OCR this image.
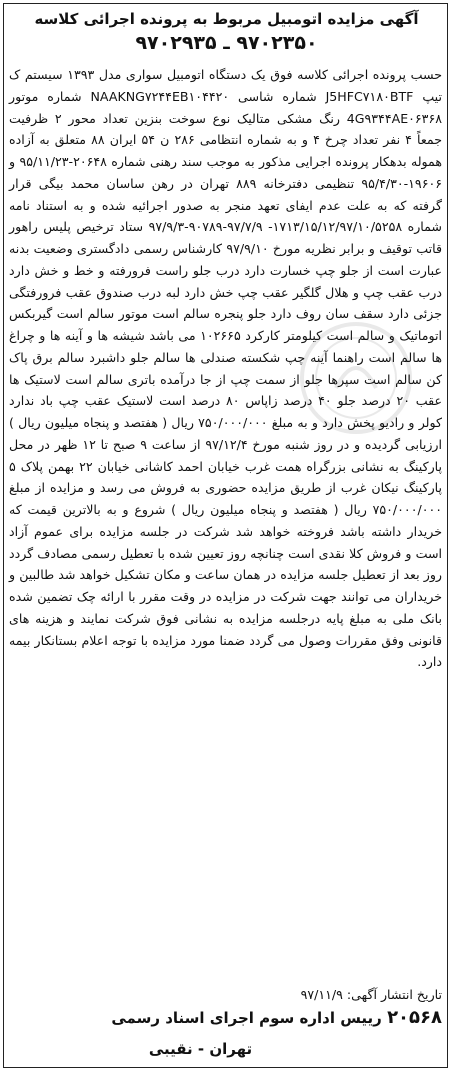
آگهی مزایده اتومبیل مربوط به پرونده اجرائی کلاسه
۹۷۰۲۳۵۰ ـ ۹۷۰۲۹۳۵

حسب پرونده اجرائی کلاسه فوق یک دستگاه اتومبیل سواری مدل ۱۳۹۳ سیستم ک تیپ J5HFC۷۱۸۰BTF شماره شاسی NAAKNG۷۲۴۴EB۱۰۴۴۲۰ شماره موتور 4G۹۳۴۴AE۰۶۳۶۸ رنگ مشکی متالیک نوع سوخت بنزین تعداد محور ۲ ظرفیت جمعاً ۴ نفر تعداد چرخ ۴ و به شماره انتظامی ۲۸۶ ن ۵۴ ایران ۸۸ متعلق به آزاده هموله بدهکار پرونده اجرایی مذکور به موجب سند رهنی شماره ۲۰۶۴۸-۹۵/۱۱/۲۳ و ۱۹۶۰۶-۹۵/۴/۳۰ تنظیمی دفترخانه ۸۸۹ تهران در رهن ساسان محمد بیگی قرار گرفته که به علت عدم ایفای تعهد منجر به صدور اجرائیه شده و به استناد نامه شماره ۱۷۱۳/۱۵/۱۲/۹۷/۱۰/۵۲۵۸- ۹۷/۷/۹-۹۰۷۸۹-۹۷/۹/۳ ستاد ترخیص پلیس راهور قاتب توقیف و برابر نظریه مورخ ۹۷/۹/۱۰ کارشناس رسمی دادگستری وضعیت بدنه عبارت است از جلو چپ خسارت دارد درب جلو راست فرورفته و خط و خش دارد درب عقب چپ و هلال گلگیر عقب چپ خش دارد لبه درب صندوق عقب فرورفتگی جزئی دارد سقف سان روف دارد جلو پنجره سالم است موتور سالم است گیربکس اتوماتیک و سالم است کیلومتر کارکرد ۱۰۲۶۶۵ می باشد شیشه ها و آینه ها و چراغ ها سالم است راهنما آینه چپ شکسته صندلی ها سالم جلو داشبرد سالم برق پاک کن سالم است سپرها جلو از سمت چپ از جا درآمده باتری سالم است لاستیک ها عقب ۲۰ درصد جلو ۴۰ درصد زاپاس ۸۰ درصد است لاستیک عقب چپ باد ندارد کولر و رادیو پخش دارد و به مبلغ ۷۵۰/۰۰۰/۰۰۰ ریال ( هفتصد و پنجاه میلیون ریال ) ارزیابی گردیده و در روز شنبه مورخ ۹۷/۱۲/۴ از ساعت ۹ صبح تا ۱۲ ظهر در محل پارکینگ به نشانی بزرگراه همت غرب خیابان احمد کاشانی خیابان ۲۲ بهمن پلاک ۵ پارکینگ نیکان غرب از طریق مزایده حضوری به فروش می رسد و مزایده از مبلغ ۷۵۰/۰۰۰/۰۰۰ ریال ( هفتصد و پنجاه میلیون ریال ) شروع و به بالاترین قیمت که خریدار داشته باشد فروخته خواهد شد شرکت در جلسه مزایده برای عموم آزاد است و فروش کلا نقدی است چنانچه روز تعیین شده با تعطیل رسمی مصادف گردد روز بعد از تعطیل جلسه مزایده در همان ساعت و مکان تشکیل خواهد شد طالبین و خریداران می توانند جهت شرکت در مزایده در وقت مقرر با ارائه چک تضمین شده بانک ملی به مبلغ پایه درجلسه مزایده به نشانی فوق شرکت نمایند و هزینه های قانونی وفق مقررات وصول می گردد ضمنا مورد مزایده با توجه اعلام بستانکار بیمه دارد.

تاریخ انتشار آگهی: ۹۷/۱۱/۹
۲۰۵۶۸ رییس اداره سوم اجرای اسناد رسمی
تهران - نقیبی
